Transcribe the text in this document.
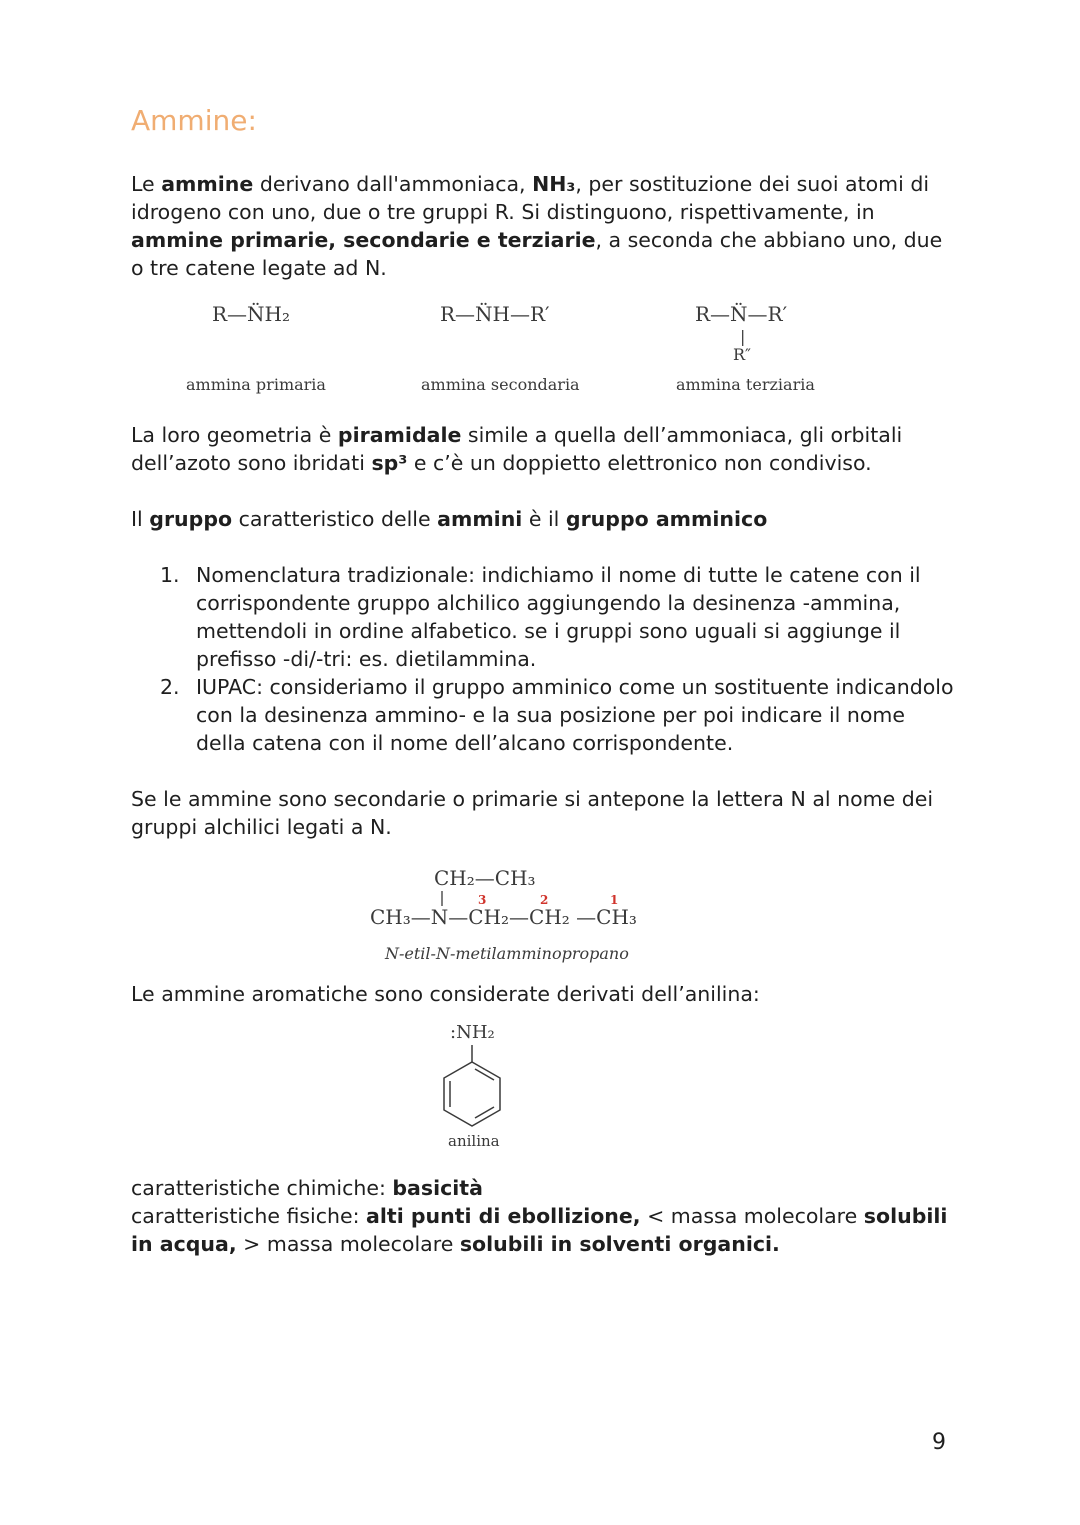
Ammine:

Le ammine derivano dall'ammoniaca, NH₃, per sostituzione dei suoi atomi di idrogeno con uno, due o tre gruppi R. Si distinguono, rispettivamente, in ammine primarie, secondarie e terziarie, a seconda che abbiano uno, due o tre catene legate ad N.

R—N̈H₂	R—N̈H—R′	R—N̈—R′
|
R″
ammina primaria	ammina secondaria	ammina terziaria

La loro geometria è piramidale simile a quella dell’ammoniaca, gli orbitali dell’azoto sono ibridati sp³ e c’è un doppietto elettronico non condiviso.

Il gruppo caratteristico delle ammini è il gruppo amminico

1. Nomenclatura tradizionale: indichiamo il nome di tutte le catene con il corrispondente gruppo alchilico aggiungendo la desinenza -ammina, mettendoli in ordine alfabetico. se i gruppi sono uguali si aggiunge il prefisso -di/-tri: es. dietilammina.
2. IUPAC: consideriamo il gruppo amminico come un sostituente indicandolo con la desinenza ammino- e la sua posizione per poi indicare il nome della catena con il nome dell’alcano corrispondente.

Se le ammine sono secondarie o primarie si antepone la lettera N al nome dei gruppi alchilici legati a N.

CH₂—CH₃
3	2	1
CH₃—N—CH₂—CH₂ —CH₃
N-etil-N-metilamminopropano

Le ammine aromatiche sono considerate derivati dell’anilina:

:NH₂
anilina

caratteristiche chimiche: basicità

caratteristiche fisiche: alti punti di ebollizione, < massa molecolare solubili in acqua, > massa molecolare solubili in solventi organici.

9
